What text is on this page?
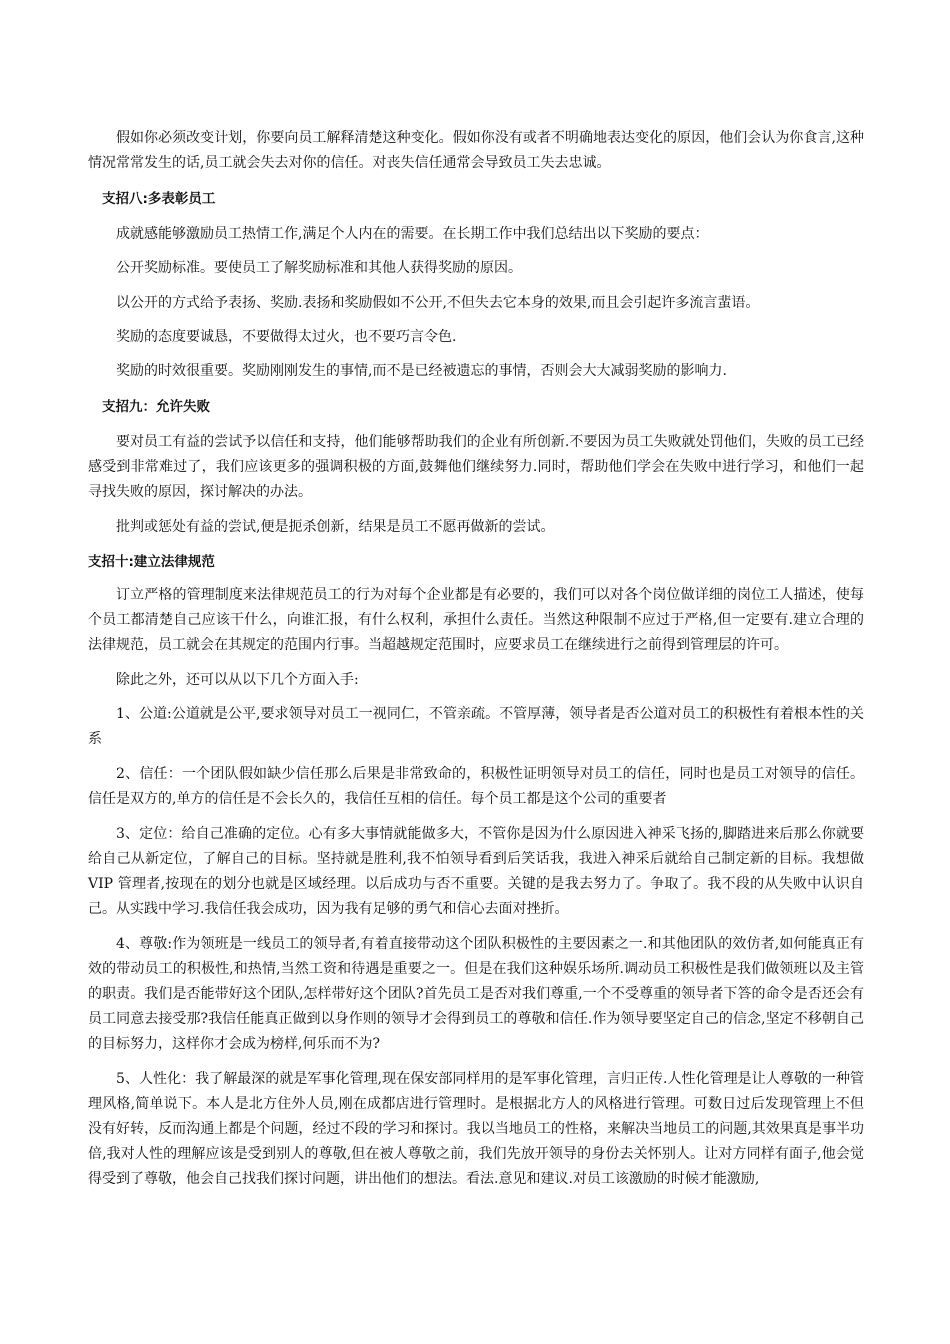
假如你必须改变计划，你要向员工解释清楚这种变化。假如你没有或者不明确地表达变化的原因，他们会认为你食言,这种情况常常发生的话,员工就会失去对你的信任。对丧失信任通常会导致员工失去忠诚。

支招八:多表彰员工

成就感能够激励员工热情工作,满足个人内在的需要。在长期工作中我们总结出以下奖励的要点：

公开奖励标准。要使员工了解奖励标准和其他人获得奖励的原因。

以公开的方式给予表扬、奖励.表扬和奖励假如不公开,不但失去它本身的效果,而且会引起许多流言蜚语。

奖励的态度要诚恳，不要做得太过火，也不要巧言令色.

奖励的时效很重要。奖励刚刚发生的事情,而不是已经被遗忘的事情，否则会大大减弱奖励的影响力.

支招九：允许失败

要对员工有益的尝试予以信任和支持，他们能够帮助我们的企业有所创新.不要因为员工失败就处罚他们，失败的员工已经感受到非常难过了，我们应该更多的强调积极的方面,鼓舞他们继续努力.同时，帮助他们学会在失败中进行学习，和他们一起寻找失败的原因，探讨解决的办法。

批判或惩处有益的尝试,便是扼杀创新，结果是员工不愿再做新的尝试。

支招十:建立法律规范

订立严格的管理制度来法律规范员工的行为对每个企业都是有必要的，我们可以对各个岗位做详细的岗位工人描述，使每个员工都清楚自己应该干什么，向谁汇报，有什么权利，承担什么责任。当然这种限制不应过于严格,但一定要有.建立合理的法律规范，员工就会在其规定的范围内行事。当超越规定范围时，应要求员工在继续进行之前得到管理层的许可。

除此之外，还可以从以下几个方面入手:

1、公道:公道就是公平,要求领导对员工一视同仁，不管亲疏。不管厚薄，领导者是否公道对员工的积极性有着根本性的关系

2、信任：一个团队假如缺少信任那么后果是非常致命的，积极性证明领导对员工的信任，同时也是员工对领导的信任。信任是双方的,单方的信任是不会长久的，我信任互相的信任。每个员工都是这个公司的重要者

3、定位：给自己准确的定位。心有多大事情就能做多大，不管你是因为什么原因进入神采飞扬的,脚踏进来后那么你就要给自己从新定位，了解自己的目标。坚持就是胜利,我不怕领导看到后笑话我，我进入神采后就给自己制定新的目标。我想做 VIP 管理者,按现在的划分也就是区域经理。以后成功与否不重要。关键的是我去努力了。争取了。我不段的从失败中认识自己。从实践中学习.我信任我会成功，因为我有足够的勇气和信心去面对挫折。

4、尊敬:作为领班是一线员工的领导者,有着直接带动这个团队积极性的主要因素之一.和其他团队的效仿者,如何能真正有效的带动员工的积极性,和热情,当然工资和待遇是重要之一。但是在我们这种娱乐场所.调动员工积极性是我们做领班以及主管的职责。我们是否能带好这个团队,怎样带好这个团队?首先员工是否对我们尊重,一个不受尊重的领导者下答的命令是否还会有员工同意去接受那?我信任能真正做到以身作则的领导才会得到员工的尊敬和信任.作为领导要坚定自己的信念,坚定不移朝自己的目标努力，这样你才会成为榜样,何乐而不为?

5、人性化：我了解最深的就是军事化管理,现在保安部同样用的是军事化管理，言归正传.人性化管理是让人尊敬的一种管理风格,简单说下。本人是北方住外人员,刚在成都店进行管理时。是根据北方人的风格进行管理。可数日过后发现管理上不但没有好转，反而沟通上都是个问题，经过不段的学习和探讨。我以当地员工的性格，来解决当地员工的问题,其效果真是事半功倍,我对人性的理解应该是受到别人的尊敬,但在被人尊敬之前，我们先放开领导的身份去关怀别人。让对方同样有面子,他会觉得受到了尊敬，他会自己找我们探讨问题，讲出他们的想法。看法.意见和建议.对员工该激励的时候才能激励,
